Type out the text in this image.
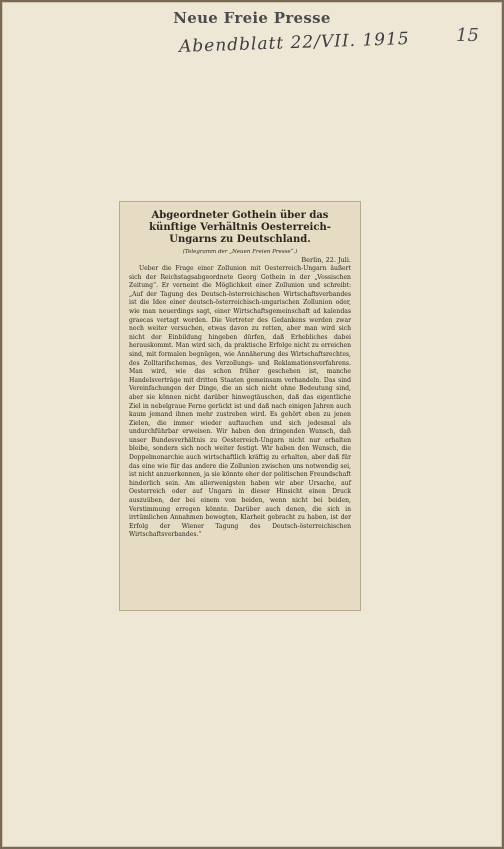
Neue Freie Presse
Abendblatt 22/VII. 1915	15
Abgeordneter Gothein über das künftige Verhältnis Oesterreich-Ungarns zu Deutschland.
(Telegramm der „Neuen Freien Presse“.)
Berlin, 22. Juli.

Ueber die Frage einer Zollunion mit Oesterreich-Ungarn äußert sich der Reichstagsabgeordnete Georg Gothein in der „Vossischen Zeitung“. Er verneint die Möglichkeit einer Zollunion und schreibt: „Auf der Tagung des Deutsch-österreichischen Wirtschaftsverbandes ist die Idee einer deutsch-österreichisch-ungarischen Zollunion oder, wie man neuerdings sagt, einer Wirtschaftsgemeinschaft ad kalendas graecas vertagt worden. Die Vertreter des Gedankens werden zwar noch weiter versuchen, etwas davon zu retten, aber man wird sich nicht der Einbildung hingeben dürfen, daß Erhebliches dabei herauskommt. Man wird sich, da praktische Erfolge nicht zu erreichen sind, mit formalen begnügen, wie Annäherung des Wirtschaftsrechtes, des Zolltarifschemas, des Verzollungs- und Reklamationsverfahrens. Man wird, wie das schon früher geschehen ist, manche Handelsverträge mit dritten Staaten gemeinsam verhandeln. Das sind Vereinfachungen der Dinge, die an sich nicht ohne Bedeutung sind, aber sie können nicht darüber hinwegtäuschen, daß das eigentliche Ziel in nebelgraue Ferne gerückt ist und daß nach einigen Jahren auch kaum jemand ihnen mehr zustreben wird. Es gehört eben zu jenen Zielen, die immer wieder auftauchen und sich jedesmal als undurchführbar erweisen. Wir haben den dringenden Wunsch, daß unser Bundesverhältnis zu Oesterreich-Ungarn nicht nur erhalten bleibe, sondern sich noch weiter festigt. Wir haben den Wunsch, die Doppelmonarchie auch wirtschaftlich kräftig zu erhalten, aber daß für das eine wie für das andere die Zollunion zwischen uns notwendig sei, ist nicht anzuerkennen, ja sie könnte eher der politischen Freundschaft hinderlich sein. Am allerwenigsten haben wir aber Ursache, auf Oesterreich oder auf Ungarn in dieser Hinsicht einen Druck auszuüben, der bei einem von beiden, wenn nicht bei beiden, Verstimmung erregen könnte. Darüber auch denen, die sich in irrtümlichen Annahmen bewegten, Klarheit gebracht zu haben, ist der Erfolg der Wiener Tagung des Deutsch-österreichischen Wirtschaftsverbandes.“
